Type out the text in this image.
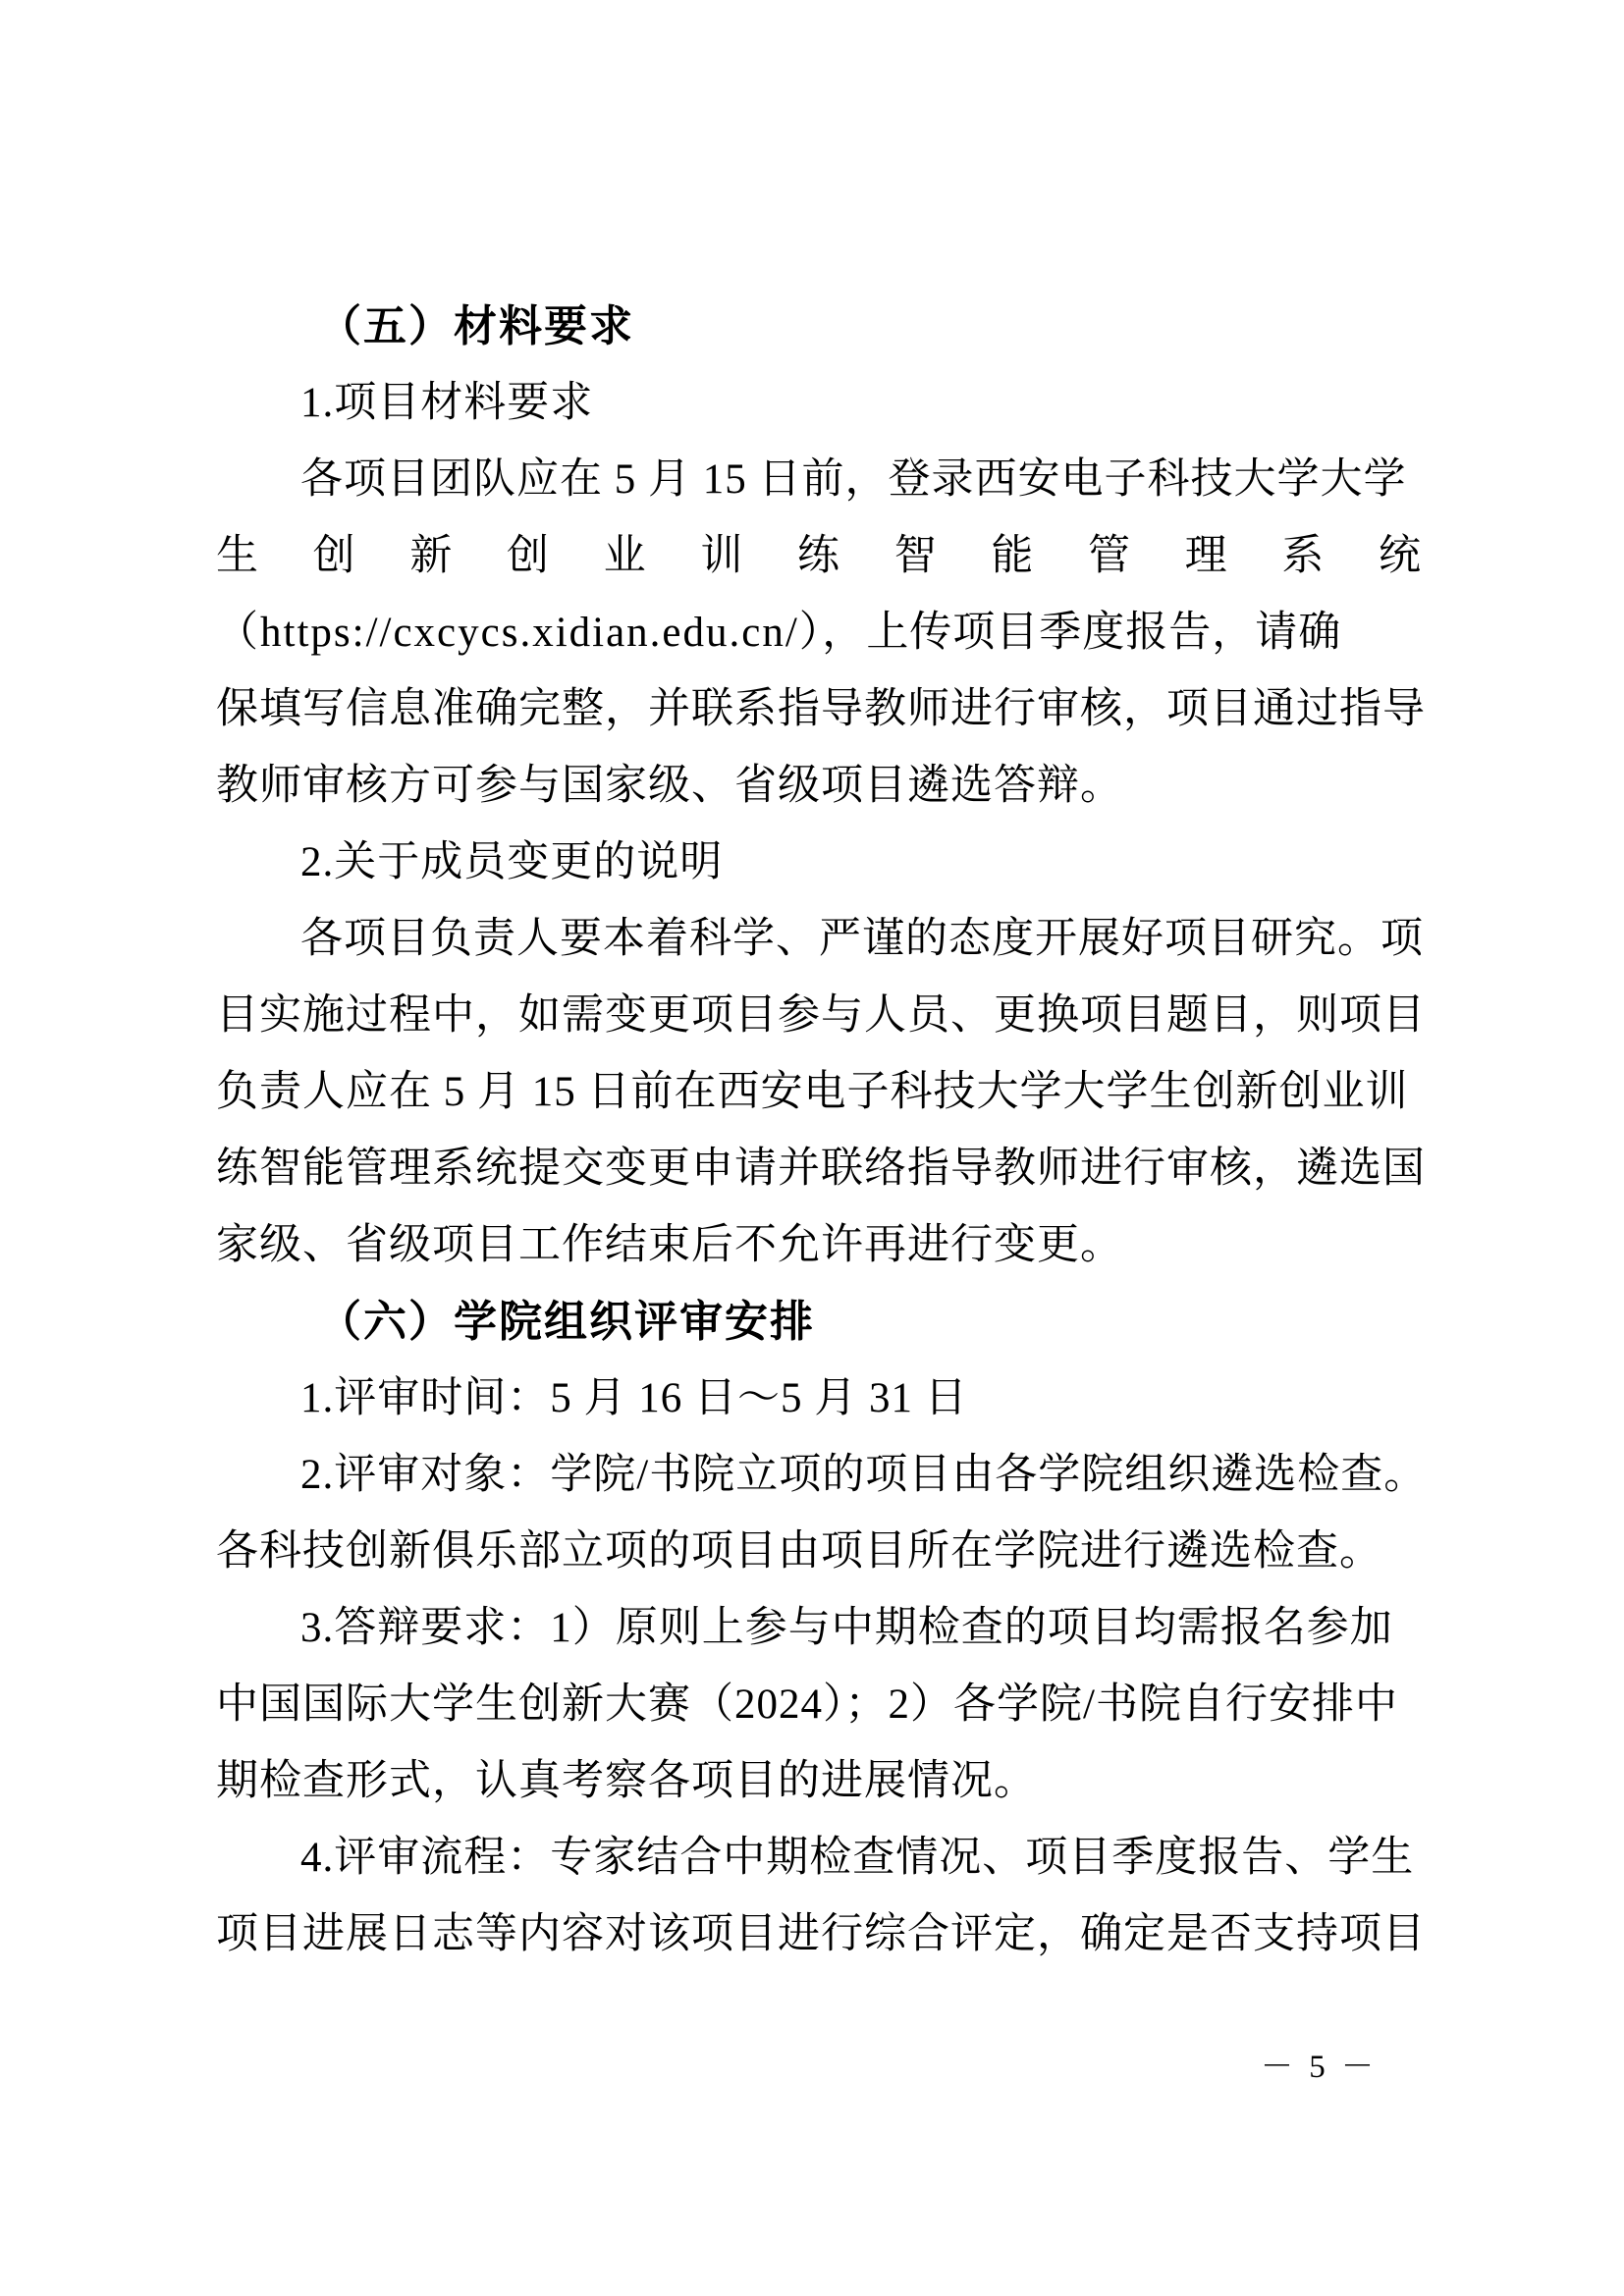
（五）材料要求
1.项目材料要求
各项目团队应在 5 月 15 日前，登录西安电子科技大学大学
生创新创业训练智能管理系统
（https://cxcycs.xidian.edu.cn/），上传项目季度报告，请确
保填写信息准确完整，并联系指导教师进行审核，项目通过指导
教师审核方可参与国家级、省级项目遴选答辩。
2.关于成员变更的说明
各项目负责人要本着科学、严谨的态度开展好项目研究。项
目实施过程中，如需变更项目参与人员、更换项目题目，则项目
负责人应在 5 月 15 日前在西安电子科技大学大学生创新创业训
练智能管理系统提交变更申请并联络指导教师进行审核，遴选国
家级、省级项目工作结束后不允许再进行变更。
（六）学院组织评审安排
1.评审时间：5 月 16 日～5 月 31 日
2.评审对象：学院/书院立项的项目由各学院组织遴选检查。
各科技创新俱乐部立项的项目由项目所在学院进行遴选检查。
3.答辩要求：1）原则上参与中期检查的项目均需报名参加
中国国际大学生创新大赛（2024）；2）各学院/书院自行安排中
期检查形式，认真考察各项目的进展情况。
4.评审流程：专家结合中期检查情况、项目季度报告、学生
项目进展日志等内容对该项目进行综合评定，确定是否支持项目
－ 5 －
